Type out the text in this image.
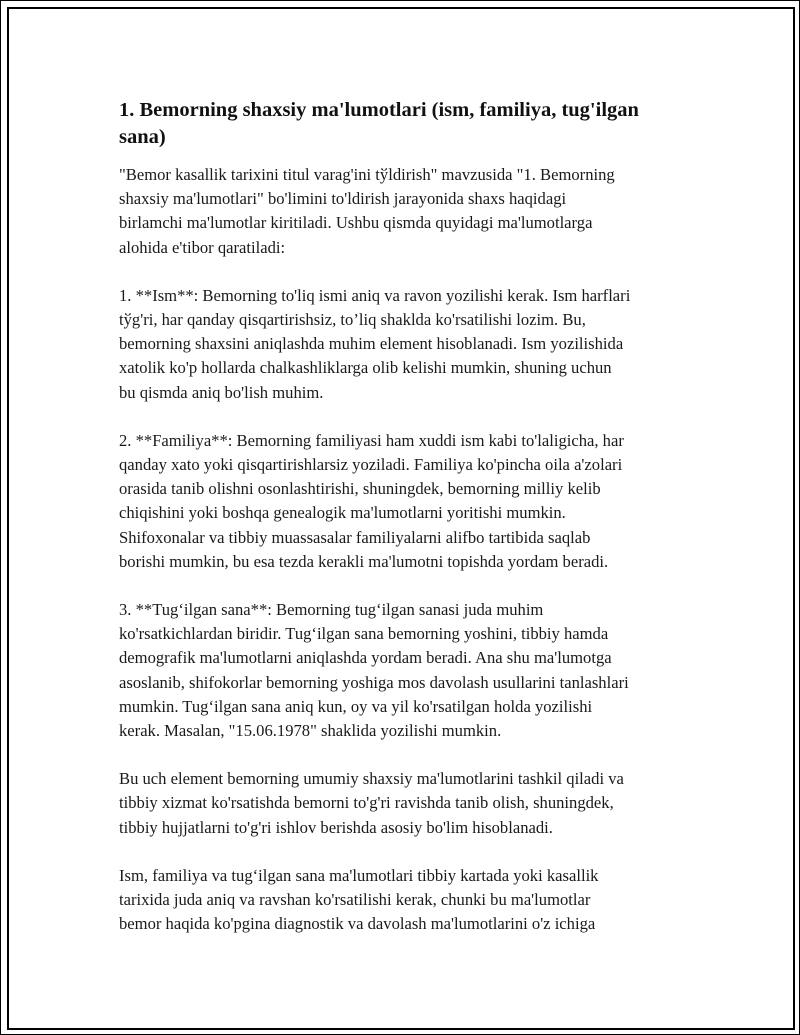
1. Bemorning shaxsiy ma'lumotlari (ism, familiya, tug'ilgan
sana)

"Bemor kasallik tarixini titul varag'ini tўldirish" mavzusida "1. Bemorning
shaxsiy ma'lumotlari" bo'limini to'ldirish jarayonida shaxs haqidagi
birlamchi ma'lumotlar kiritiladi. Ushbu qismda quyidagi ma'lumotlarga
alohida e'tibor qaratiladi:

1. **Ism**: Bemorning to'liq ismi aniq va ravon yozilishi kerak. Ism harflari
tўg'ri, har qanday qisqartirishsiz, to’liq shaklda ko'rsatilishi lozim. Bu,
bemorning shaxsini aniqlashda muhim element hisoblanadi. Ism yozilishida
xatolik ko'p hollarda chalkashliklarga olib kelishi mumkin, shuning uchun
bu qismda aniq bo'lish muhim.

2. **Familiya**: Bemorning familiyasi ham xuddi ism kabi to'laligicha, har
qanday xato yoki qisqartirishlarsiz yoziladi. Familiya ko'pincha oila a'zolari
orasida tanib olishni osonlashtirishi, shuningdek, bemorning milliy kelib
chiqishini yoki boshqa genealogik ma'lumotlarni yoritishi mumkin.
Shifoxonalar va tibbiy muassasalar familiyalarni alifbo tartibida saqlab
borishi mumkin, bu esa tezda kerakli ma'lumotni topishda yordam beradi.

3. **Tug‘ilgan sana**: Bemorning tug‘ilgan sanasi juda muhim
ko'rsatkichlardan biridir. Tug‘ilgan sana bemorning yoshini, tibbiy hamda
demografik ma'lumotlarni aniqlashda yordam beradi. Ana shu ma'lumotga
asoslanib, shifokorlar bemorning yoshiga mos davolash usullarini tanlashlari
mumkin. Tug‘ilgan sana aniq kun, oy va yil ko'rsatilgan holda yozilishi
kerak. Masalan, "15.06.1978" shaklida yozilishi mumkin.

Bu uch element bemorning umumiy shaxsiy ma'lumotlarini tashkil qiladi va
tibbiy xizmat ko'rsatishda bemorni to'g'ri ravishda tanib olish, shuningdek,
tibbiy hujjatlarni to'g'ri ishlov berishda asosiy bo'lim hisoblanadi.

Ism, familiya va tug‘ilgan sana ma'lumotlari tibbiy kartada yoki kasallik
tarixida juda aniq va ravshan ko'rsatilishi kerak, chunki bu ma'lumotlar
bemor haqida ko'pgina diagnostik va davolash ma'lumotlarini o'z ichiga
